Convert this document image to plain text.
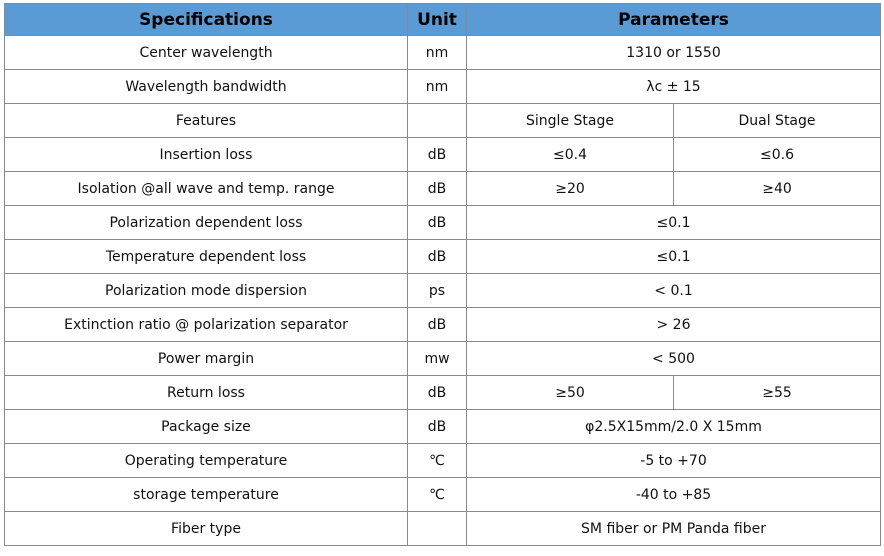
Specifications	Unit	Parameters	
Center wavelength	nm	1310 or 1550	
Wavelength bandwidth	nm	λc ± 15	
Features		Single Stage	Dual Stage
Insertion loss	dB	≤0.4	≤0.6
Isolation @all wave and temp. range	dB	≥20	≥40
Polarization dependent loss	dB	≤0.1	
Temperature dependent loss	dB	≤0.1	
Polarization mode dispersion	ps	< 0.1	
Extinction ratio @ polarization separator	dB	> 26	
Power margin	mw	< 500	
Return loss	dB	≥50	≥55
Package size	dB	φ2.5X15mm/2.0 X 15mm	
Operating temperature	℃	-5 to +70	
storage temperature	℃	-40 to +85	
Fiber type		SM fiber or PM Panda fiber	
